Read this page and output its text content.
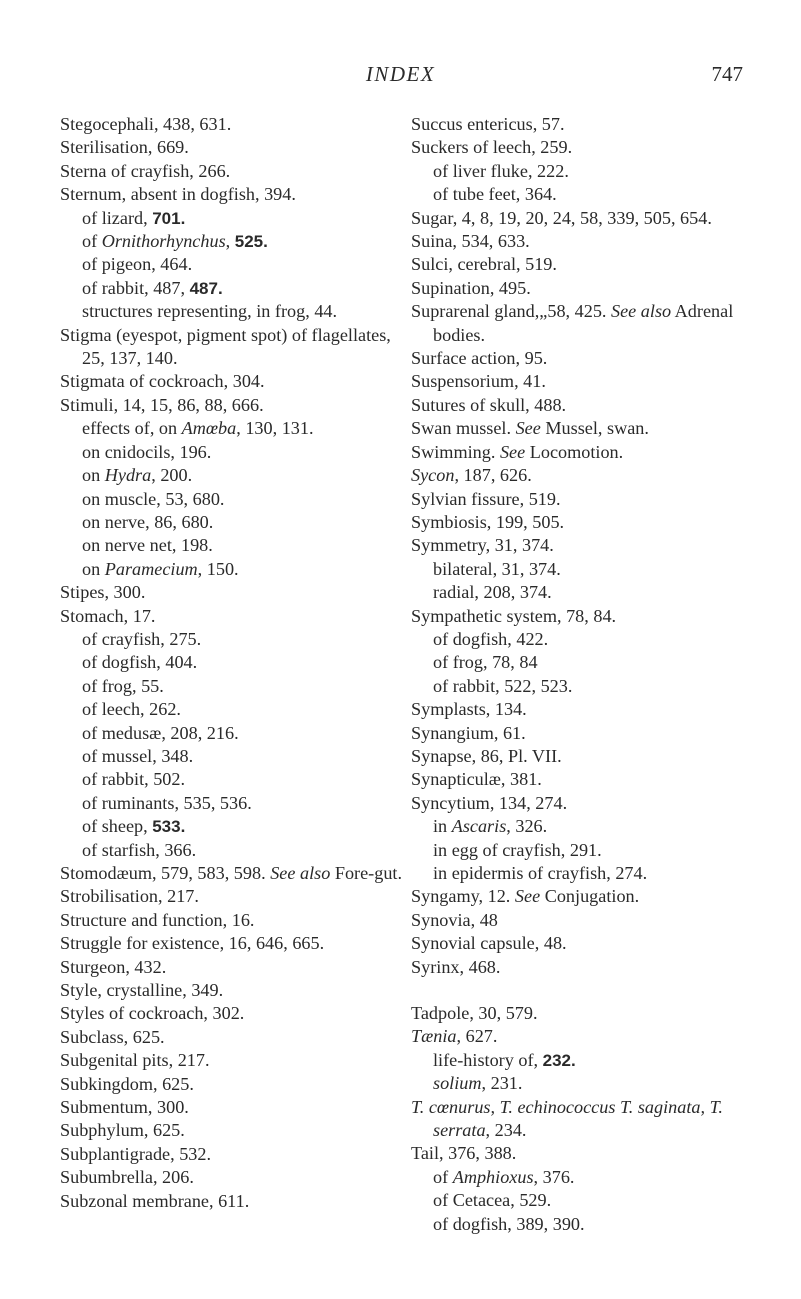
INDEX	747
Stegocephali, 438, 631.
Sterilisation, 669.
Sterna of crayfish, 266.
Sternum, absent in dogfish, 394.
of lizard, 701.
of Ornithorhynchus, 525.
of pigeon, 464.
of rabbit, 487, 487.
structures representing, in frog, 44.
Stigma (eyespot, pigment spot) of flagellates, 25, 137, 140.
Stigmata of cockroach, 304.
Stimuli, 14, 15, 86, 88, 666.
effects of, on Amœba, 130, 131.
on cnidocils, 196.
on Hydra, 200.
on muscle, 53, 680.
on nerve, 86, 680.
on nerve net, 198.
on Paramecium, 150.
Stipes, 300.
Stomach, 17.
of crayfish, 275.
of dogfish, 404.
of frog, 55.
of leech, 262.
of medusæ, 208, 216.
of mussel, 348.
of rabbit, 502.
of ruminants, 535, 536.
of sheep, 533.
of starfish, 366.
Stomodæum, 579, 583, 598. See also Fore-gut.
Strobilisation, 217.
Structure and function, 16.
Struggle for existence, 16, 646, 665.
Sturgeon, 432.
Style, crystalline, 349.
Styles of cockroach, 302.
Subclass, 625.
Subgenital pits, 217.
Subkingdom, 625.
Submentum, 300.
Subphylum, 625.
Subplantigrade, 532.
Subumbrella, 206.
Subzonal membrane, 611.
Succus entericus, 57.
Suckers of leech, 259.
of liver fluke, 222.
of tube feet, 364.
Sugar, 4, 8, 19, 20, 24, 58, 339, 505, 654.
Suina, 534, 633.
Sulci, cerebral, 519.
Supination, 495.
Suprarenal gland,„58, 425. See also Adrenal bodies.
Surface action, 95.
Suspensorium, 41.
Sutures of skull, 488.
Swan mussel. See Mussel, swan.
Swimming. See Locomotion.
Sycon, 187, 626.
Sylvian fissure, 519.
Symbiosis, 199, 505.
Symmetry, 31, 374.
bilateral, 31, 374.
radial, 208, 374.
Sympathetic system, 78, 84.
of dogfish, 422.
of frog, 78, 84
of rabbit, 522, 523.
Symplasts, 134.
Synangium, 61.
Synapse, 86, Pl. VII.
Synapticulæ, 381.
Syncytium, 134, 274.
in Ascaris, 326.
in egg of crayfish, 291.
in epidermis of crayfish, 274.
Syngamy, 12. See Conjugation.
Synovia, 48
Synovial capsule, 48.
Syrinx, 468.
Tadpole, 30, 579.
Tænia, 627.
life-history of, 232.
solium, 231.
T. cœnurus, T. echinococcus T. saginata, T. serrata, 234.
Tail, 376, 388.
of Amphioxus, 376.
of Cetacea, 529.
of dogfish, 389, 390.
